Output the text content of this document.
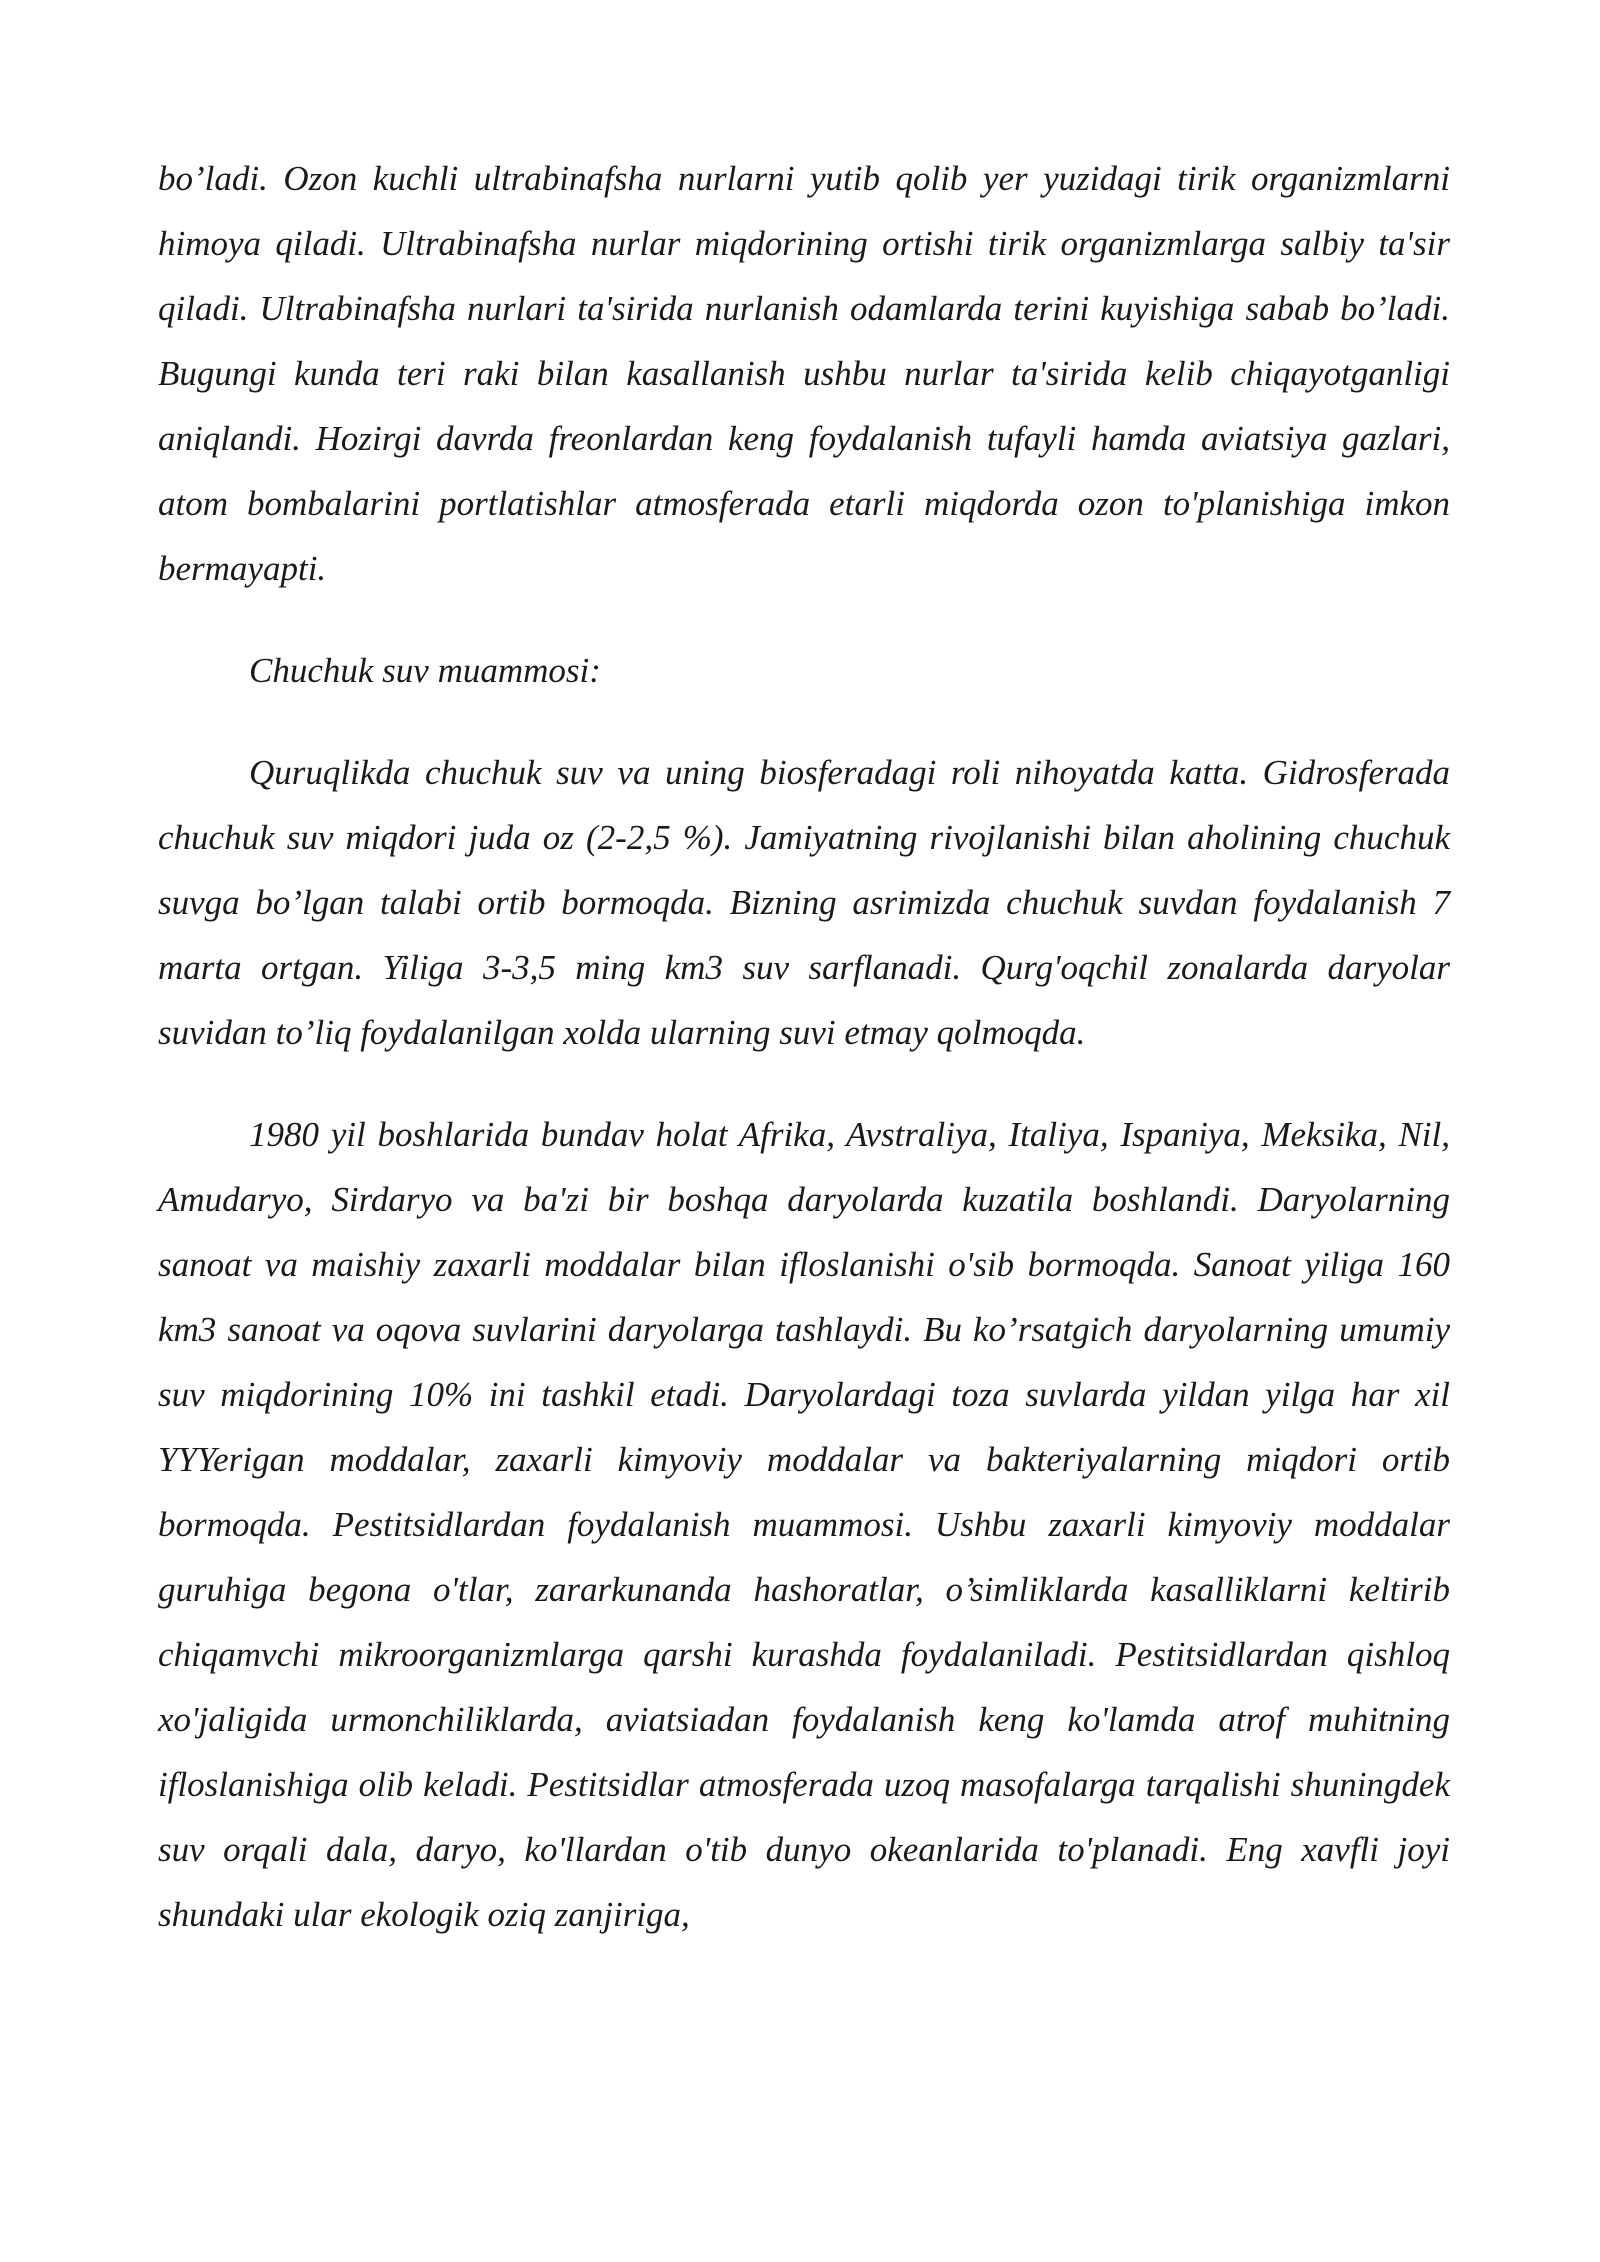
bo’ladi. Ozon kuchli ultrabinafsha nurlarni yutib qolib yer yuzidagi tirik organizmlarni himoya qiladi. Ultrabinafsha nurlar miqdorining ortishi tirik organizmlarga salbiy ta'sir qiladi. Ultrabinafsha nurlari ta'sirida nurlanish odamlarda terini kuyishiga sabab bo’ladi. Bugungi kunda teri raki bilan kasallanish ushbu nurlar ta'sirida kelib chiqayotganligi aniqlandi. Hozirgi davrda freonlardan keng foydalanish tufayli hamda aviatsiya gazlari, atom bombalarini portlatishlar atmosferada etarli miqdorda ozon to'planishiga imkon bermayapti.

Chuchuk suv muammosi:

Quruqlikda chuchuk suv va uning biosferadagi roli nihoyatda katta. Gidrosferada chuchuk suv miqdori juda oz (2-2,5 %). Jamiyatning rivojlanishi bilan aholining chuchuk suvga bo’lgan talabi ortib bormoqda. Bizning asrimizda chuchuk suvdan foydalanish 7 marta ortgan. Yiliga 3-3,5 ming km3 suv sarflanadi. Qurg'oqchil zonalarda daryolar suvidan to’liq foydalanilgan xolda ularning suvi etmay qolmoqda.

1980 yil boshlarida bundav holat Afrika, Avstraliya, Italiya, Ispaniya, Meksika, Nil, Amudaryo, Sirdaryo va ba'zi bir boshqa daryolarda kuzatila boshlandi. Daryolarning sanoat va maishiy zaxarli moddalar bilan ifloslanishi o'sib bormoqda. Sanoat yiliga 160 km3 sanoat va oqova suvlarini daryolarga tashlaydi. Bu ko’rsatgich daryolarning umumiy suv miqdorining 10% ini tashkil etadi. Daryolardagi toza suvlarda yildan yilga har xil YYYerigan moddalar, zaxarli kimyoviy moddalar va bakteriyalarning miqdori ortib bormoqda. Pestitsidlardan foydalanish muammosi. Ushbu zaxarli kimyoviy moddalar guruhiga begona o'tlar, zararkunanda hashoratlar, o’simliklarda kasalliklarni keltirib chiqamvchi mikroorganizmlarga qarshi kurashda foydalaniladi. Pestitsidlardan qishloq xo'jaligida urmonchiliklarda, aviatsiadan foydalanish keng ko'lamda atrof muhitning ifloslanishiga olib keladi. Pestitsidlar atmosferada uzoq masofalarga tarqalishi shuningdek suv orqali dala, daryo, ko'llardan o'tib dunyo okeanlarida to'planadi. Eng xavfli joyi shundaki ular ekologik oziq zanjiriga,
